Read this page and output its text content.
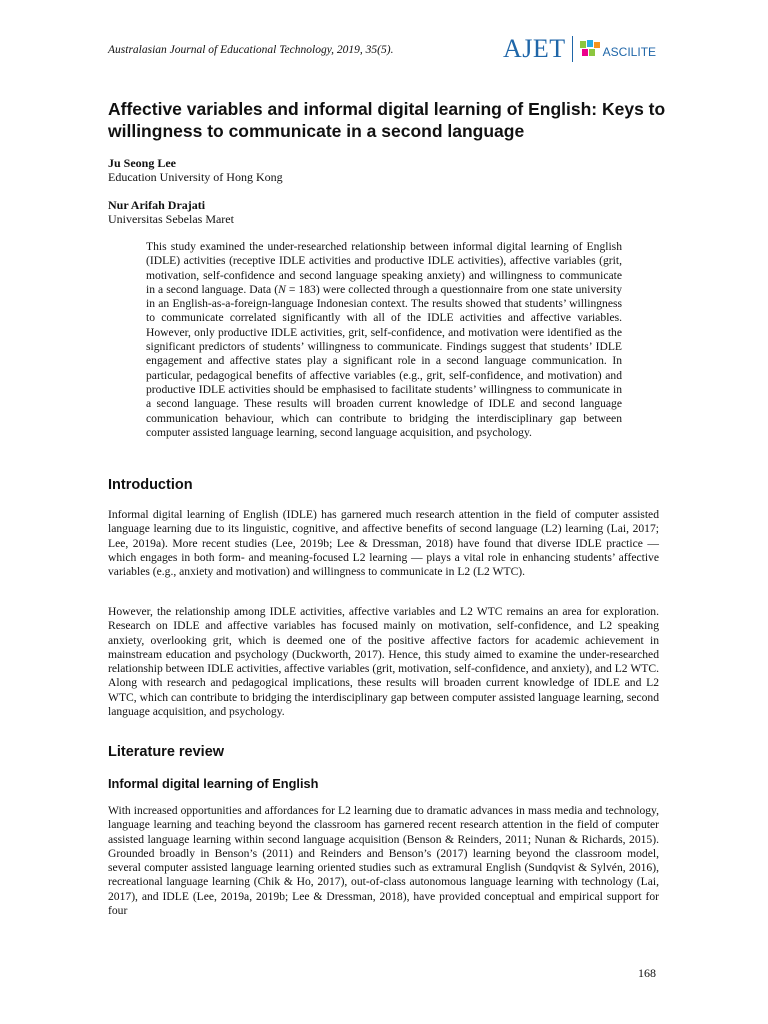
Australasian Journal of Educational Technology, 2019, 35(5).	AJET	ASCILITE
Affective variables and informal digital learning of English: Keys to willingness to communicate in a second language
Ju Seong Lee
Education University of Hong Kong
Nur Arifah Drajati
Universitas Sebelas Maret

This study examined the under-researched relationship between informal digital learning of English (IDLE) activities (receptive IDLE activities and productive IDLE activities), affective variables (grit, motivation, self-confidence and second language speaking anxiety) and willingness to communicate in a second language. Data (N = 183) were collected through a questionnaire from one state university in an English-as-a-foreign-language Indonesian context. The results showed that students’ willingness to communicate correlated significantly with all of the IDLE activities and affective variables. However, only productive IDLE activities, grit, self-confidence, and motivation were identified as the significant predictors of students’ willingness to communicate. Findings suggest that students’ IDLE engagement and affective states play a significant role in a second language communication. In particular, pedagogical benefits of affective variables (e.g., grit, self-confidence, and motivation) and productive IDLE activities should be emphasised to facilitate students’ willingness to communicate in a second language. These results will broaden current knowledge of IDLE and second language communication behaviour, which can contribute to bridging the interdisciplinary gap between computer assisted language learning, second language acquisition, and psychology.

Introduction

Informal digital learning of English (IDLE) has garnered much research attention in the field of computer assisted language learning due to its linguistic, cognitive, and affective benefits of second language (L2) learning (Lai, 2017; Lee, 2019a). More recent studies (Lee, 2019b; Lee & Dressman, 2018) have found that diverse IDLE practice — which engages in both form- and meaning-focused L2 learning — plays a vital role in enhancing students’ affective variables (e.g., anxiety and motivation) and willingness to communicate in L2 (L2 WTC).

However, the relationship among IDLE activities, affective variables and L2 WTC remains an area for exploration. Research on IDLE and affective variables has focused mainly on motivation, self-confidence, and L2 speaking anxiety, overlooking grit, which is deemed one of the positive affective factors for academic achievement in mainstream education and psychology (Duckworth, 2017). Hence, this study aimed to examine the under-researched relationship between IDLE activities, affective variables (grit, motivation, self-confidence, and anxiety), and L2 WTC. Along with research and pedagogical implications, these results will broaden current knowledge of IDLE and L2 WTC, which can contribute to bridging the interdisciplinary gap between computer assisted language learning, second language acquisition, and psychology.

Literature review
Informal digital learning of English

With increased opportunities and affordances for L2 learning due to dramatic advances in mass media and technology, language learning and teaching beyond the classroom has garnered recent research attention in the field of computer assisted language learning within second language acquisition (Benson & Reinders, 2011; Nunan & Richards, 2015). Grounded broadly in Benson’s (2011) and Reinders and Benson’s (2017) learning beyond the classroom model, several computer assisted language learning oriented studies such as extramural English (Sundqvist & Sylvén, 2016), recreational language learning (Chik & Ho, 2017), out-of-class autonomous language learning with technology (Lai, 2017), and IDLE (Lee, 2019a, 2019b; Lee & Dressman, 2018), have provided conceptual and empirical support for four

168
